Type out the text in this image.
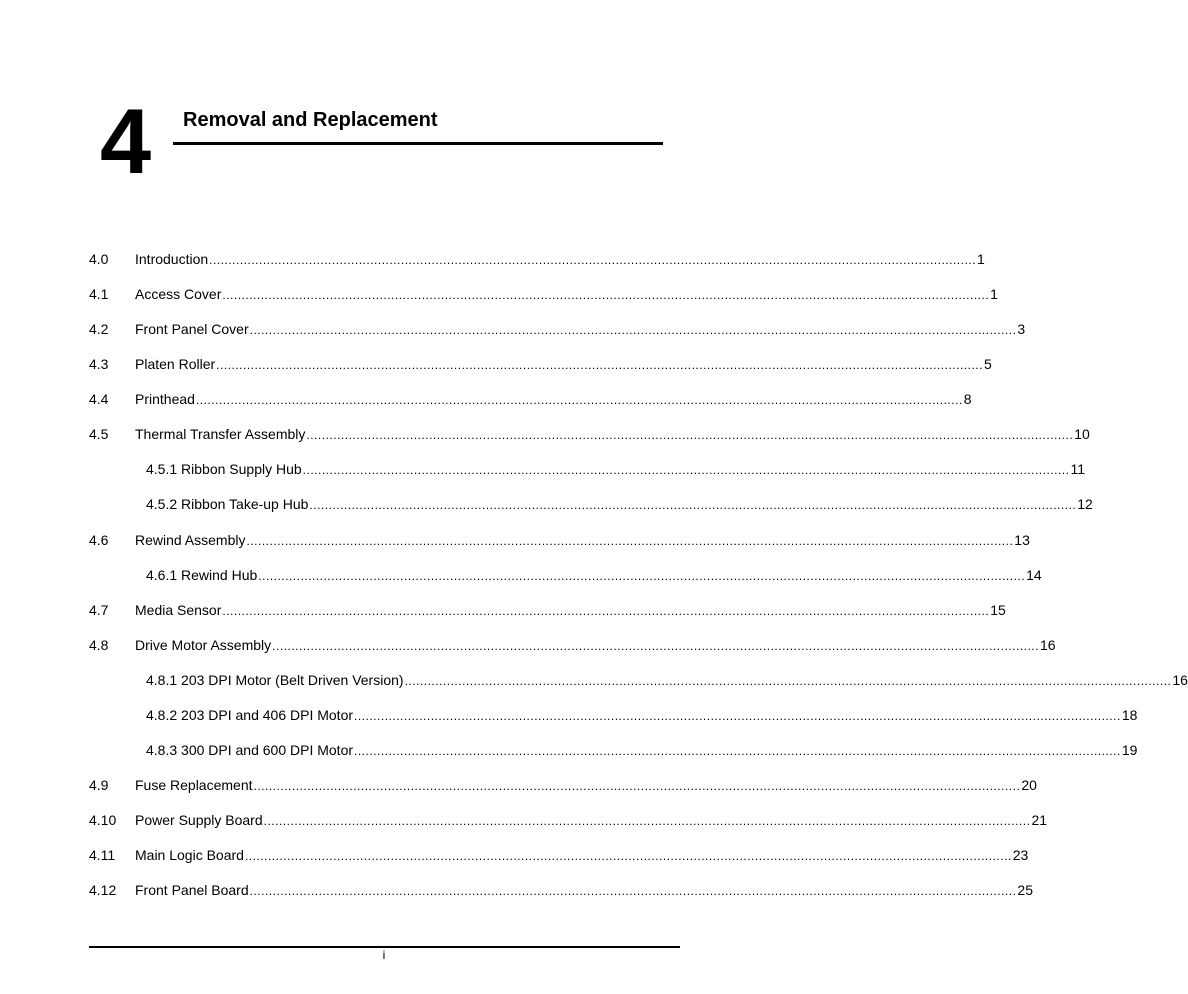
4 Removal and Replacement
4.0 Introduction ........................................................................................................................................................................................................ 1
4.1 Access Cover ........................................................................................................................................................................................................ 1
4.2 Front Panel Cover ........................................................................................................................................................................................................ 3
4.3 Platen Roller ........................................................................................................................................................................................................ 5
4.4 Printhead ........................................................................................................................................................................................................ 8
4.5 Thermal Transfer Assembly ........................................................................................................................................................................................................ 10
4.5.1 Ribbon Supply Hub ........................................................................................................................................................................................................ 11
4.5.2 Ribbon Take-up Hub ........................................................................................................................................................................................................ 12
4.6 Rewind Assembly ........................................................................................................................................................................................................ 13
4.6.1 Rewind Hub ........................................................................................................................................................................................................ 14
4.7 Media Sensor ........................................................................................................................................................................................................ 15
4.8 Drive Motor Assembly ........................................................................................................................................................................................................ 16
4.8.1 203 DPI Motor (Belt Driven Version) ........................................................................................................................................................................................................ 16
4.8.2 203 DPI and 406 DPI Motor ........................................................................................................................................................................................................ 18
4.8.3 300 DPI and 600 DPI Motor ........................................................................................................................................................................................................ 19
4.9 Fuse Replacement ........................................................................................................................................................................................................ 20
4.10 Power Supply Board ........................................................................................................................................................................................................ 21
4.11 Main Logic Board ........................................................................................................................................................................................................ 23
4.12 Front Panel Board ........................................................................................................................................................................................................ 25
i
